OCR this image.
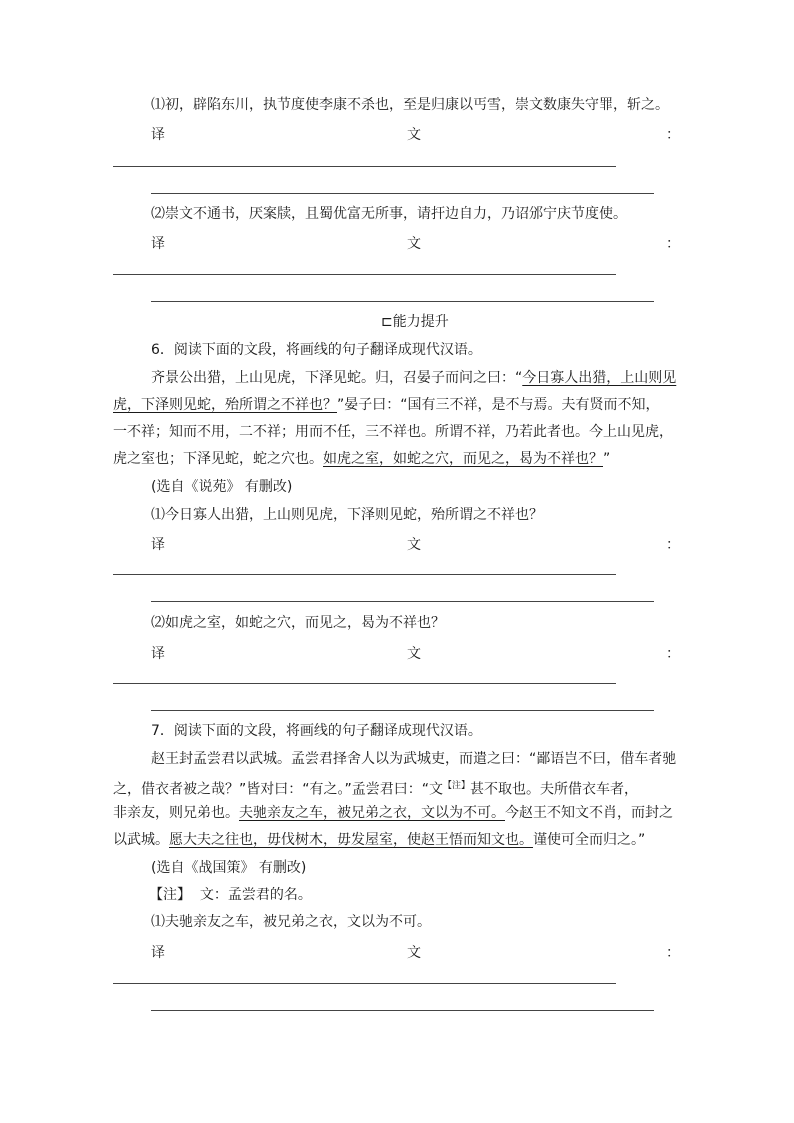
⑴初，辟陷东川，执节度使李康不杀也，至是归康以丐雪，崇文数康失守罪，斩之。
译	文	：
⑵崇文不通书，厌案牍，且蜀优富无所事，请扞边自力，乃诏邠宁庆节度使。
译	文	：
⊏能力提升
6．阅读下面的文段，将画线的句子翻译成现代汉语。
齐景公出猎，上山见虎，下泽见蛇。归，召晏子而问之曰：“今日寡人出猎，上山则见
虎，下泽则见蛇，殆所谓之不祥也？”晏子曰：“国有三不祥，是不与焉。夫有贤而不知，
一不祥；知而不用，二不祥；用而不任，三不祥也。所谓不祥，乃若此者也。今上山见虎，
虎之室也；下泽见蛇，蛇之穴也。如虎之室，如蛇之穴，而见之，曷为不祥也？”
(选自《说苑》 有删改)
⑴今日寡人出猎，上山则见虎，下泽则见蛇，殆所谓之不祥也？
译	文	：
⑵如虎之室，如蛇之穴，而见之，曷为不祥也？
译	文	：
7．阅读下面的文段，将画线的句子翻译成现代汉语。
赵王封孟尝君以武城。孟尝君择舍人以为武城吏，而遣之曰：“鄙语岂不曰，借车者驰
之，借衣者被之哉？”皆对曰：“有之。”孟尝君曰：“文$^{【注】}$甚不取也。夫所借衣车者，
非亲友，则兄弟也。夫驰亲友之车，被兄弟之衣，文以为不可。今赵王不知文不肖，而封之
以武城。愿大夫之往也，毋伐树木，毋发屋室，使赵王悟而知文也。谨使可全而归之。”
(选自《战国策》 有删改)
【注】 文：孟尝君的名。
⑴夫驰亲友之车，被兄弟之衣，文以为不可。
译	文	：
